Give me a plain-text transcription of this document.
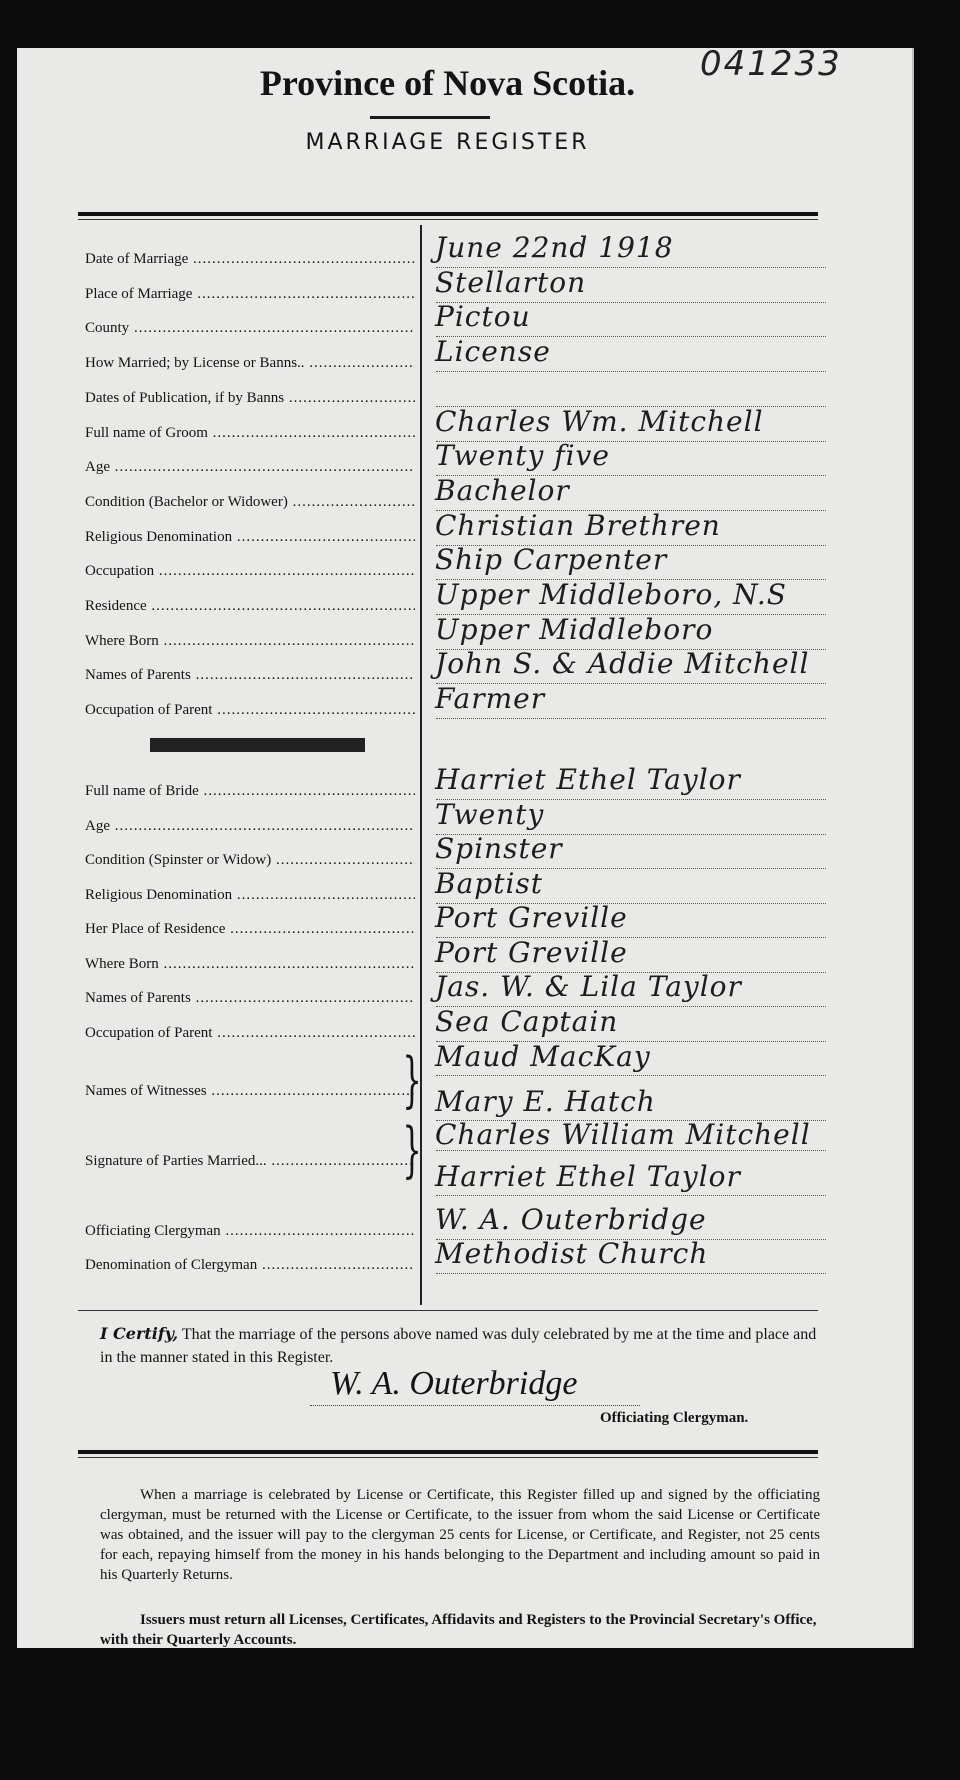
041233
Province of Nova Scotia.
MARRIAGE REGISTER
Date of Marriage .....	June 22nd 1918
Place of Marriage .....	Stellarton
County .....	Pictou
How Married; by License or Banns.. .....	License
Dates of Publication, if by Banns .....
Full name of Groom .....	Charles Wm. Mitchell
Age .....	Twenty five
Condition (Bachelor or Widower) .....	Bachelor
Religious Denomination .....	Christian Brethren
Occupation .....	Ship Carpenter
Residence .....	Upper Middleboro, N.S
Where Born .....	Upper Middleboro
Names of Parents .....	John S. & Addie Mitchell
Occupation of Parent .....	Farmer
Full name of Bride .....	Harriet Ethel Taylor
Age .....	Twenty
Condition (Spinster or Widow) .....	Spinster
Religious Denomination .....	Baptist
Her Place of Residence .....	Port Greville
Where Born .....	Port Greville
Names of Parents .....	Jas. W. & Lila Taylor
Occupation of Parent .....	Sea Captain
Names of Witnesses .....	} Maud MacKay
Mary E. Hatch
Signature of Parties Married... .....	} Charles William Mitchell
Harriet Ethel Taylor
Officiating Clergyman .....	W. A. Outerbridge
Denomination of Clergyman .....	Methodist Church
I Certify, That the marriage of the persons above named was duly celebrated by me at the time and place and in the manner stated in this Register.
W. A. Outerbridge
Officiating Clergyman.
When a marriage is celebrated by License or Certificate, this Register filled up and signed by the officiating clergyman, must be returned with the License or Certificate, to the issuer from whom the said License or Certificate was obtained, and the issuer will pay to the clergyman 25 cents for License, or Certificate, and Register, not 25 cents for each, repaying himself from the money in his hands belonging to the Department and including amount so paid in his Quarterly Returns.
Issuers must return all Licenses, Certificates, Affidavits and Registers to the Provincial Secretary's Office, with their Quarterly Accounts.
